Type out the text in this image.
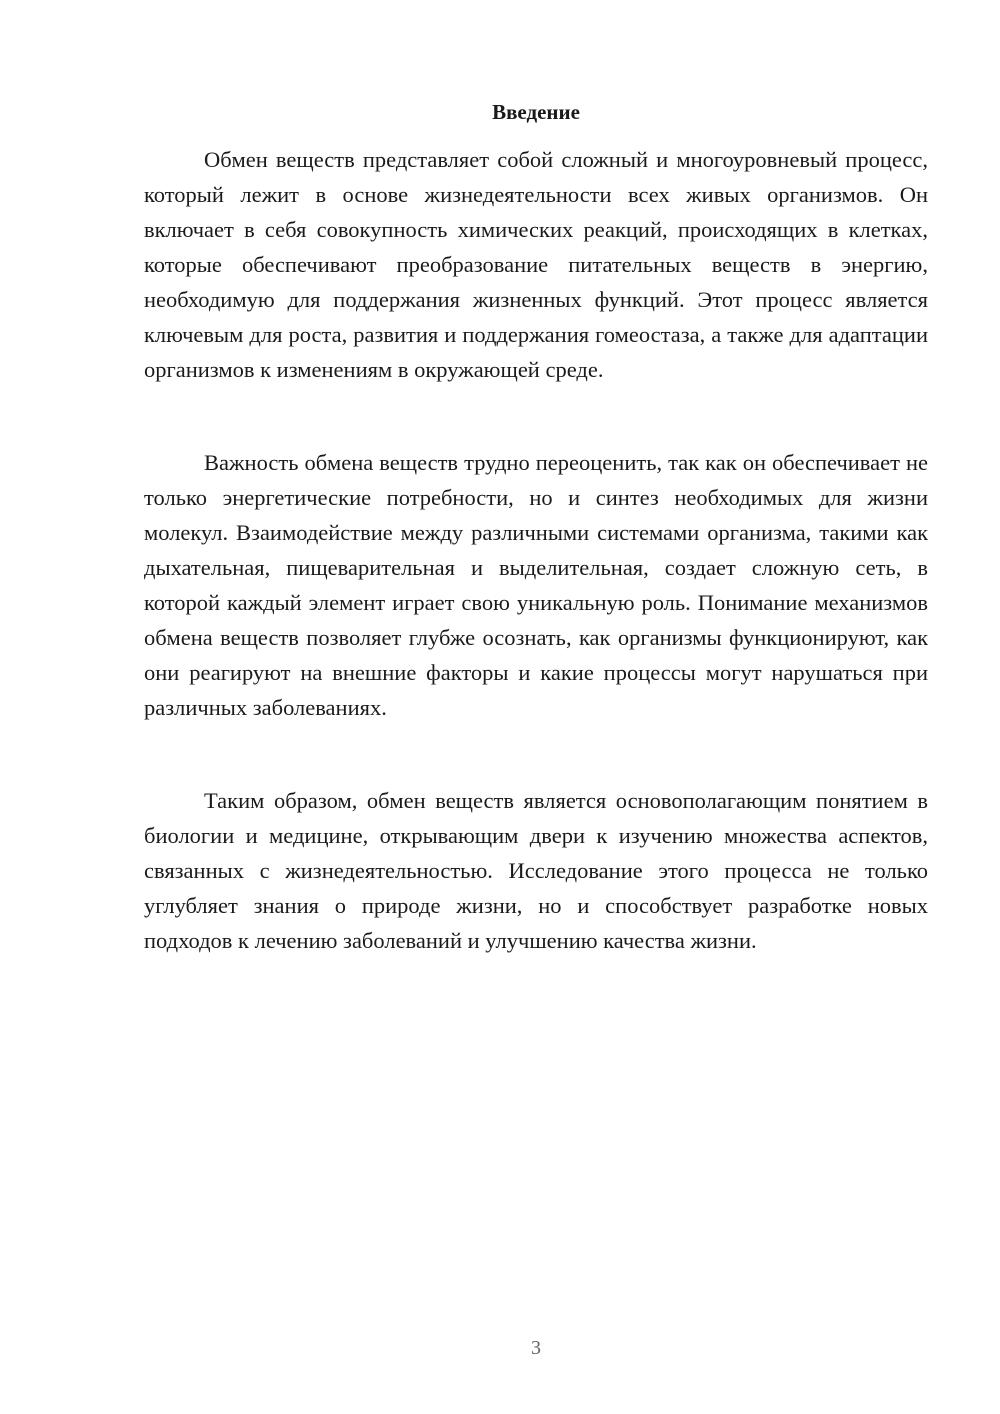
Введение

Обмен веществ представляет собой сложный и многоуровневый процесс, который лежит в основе жизнедеятельности всех живых организмов. Он включает в себя совокупность химических реакций, происходящих в клетках, которые обеспечивают преобразование питательных веществ в энергию, необходимую для поддержания жизненных функций. Этот процесс является ключевым для роста, развития и поддержания гомеостаза, а также для адаптации организмов к изменениям в окружающей среде.

Важность обмена веществ трудно переоценить, так как он обеспечивает не только энергетические потребности, но и синтез необходимых для жизни молекул. Взаимодействие между различными системами организма, такими как дыхательная, пищеварительная и выделительная, создает сложную сеть, в которой каждый элемент играет свою уникальную роль. Понимание механизмов обмена веществ позволяет глубже осознать, как организмы функционируют, как они реагируют на внешние факторы и какие процессы могут нарушаться при различных заболеваниях.

Таким образом, обмен веществ является основополагающим понятием в биологии и медицине, открывающим двери к изучению множества аспектов, связанных с жизнедеятельностью. Исследование этого процесса не только углубляет знания о природе жизни, но и способствует разработке новых подходов к лечению заболеваний и улучшению качества жизни.

3
